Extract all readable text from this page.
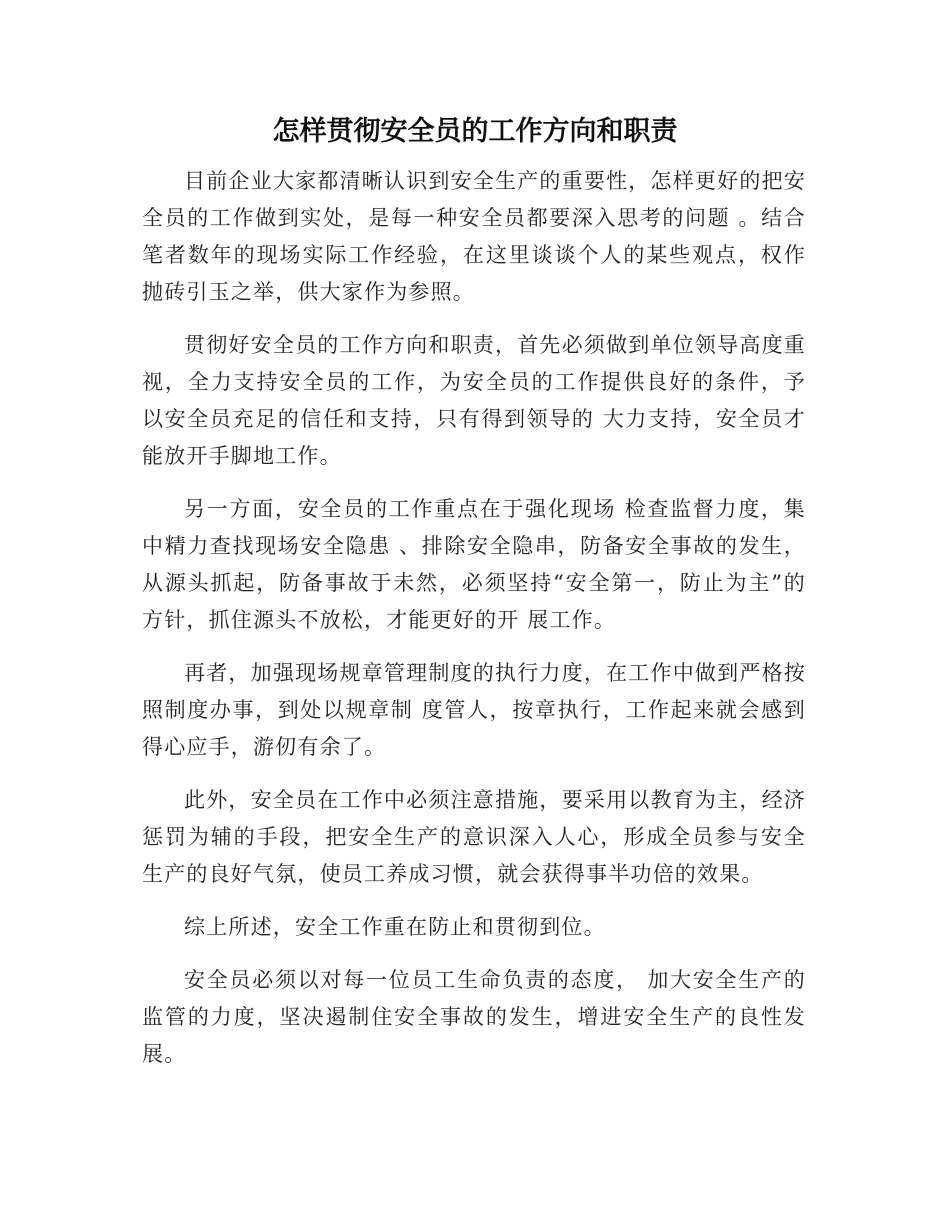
怎样贯彻安全员的工作方向和职责

目前企业大家都清晰认识到安全生产的重要性，怎样更好的把安全员的工作做到实处，是每一种安全员都要深入思考的问题 。结合笔者数年的现场实际工作经验，在这里谈谈个人的某些观点，权作抛砖引玉之举，供大家作为参照。

贯彻好安全员的工作方向和职责，首先必须做到单位领导高度重视，全力支持安全员的工作，为安全员的工作提供良好的条件，予以安全员充足的信任和支持，只有得到领导的 大力支持，安全员才能放开手脚地工作。

另一方面，安全员的工作重点在于强化现场 检查监督力度，集中精力查找现场安全隐患 、排除安全隐串，防备安全事故的发生，从源头抓起，防备事故于未然，必须坚持“安全第一，防止为主”的方针，抓住源头不放松，才能更好的开 展工作。

再者，加强现场规章管理制度的执行力度，在工作中做到严格按照制度办事，到处以规章制 度管人，按章执行，工作起来就会感到得心应手，游仞有余了。

此外，安全员在工作中必须注意措施，要采用以教育为主，经济惩罚为辅的手段，把安全生产的意识深入人心，形成全员参与安全生产的良好气氛，使员工养成习惯，就会获得事半功倍的效果。

综上所述，安全工作重在防止和贯彻到位。

安全员必须以对每一位员工生命负责的态度， 加大安全生产的监管的力度，坚决遏制住安全事故的发生，增进安全生产的良性发展。
